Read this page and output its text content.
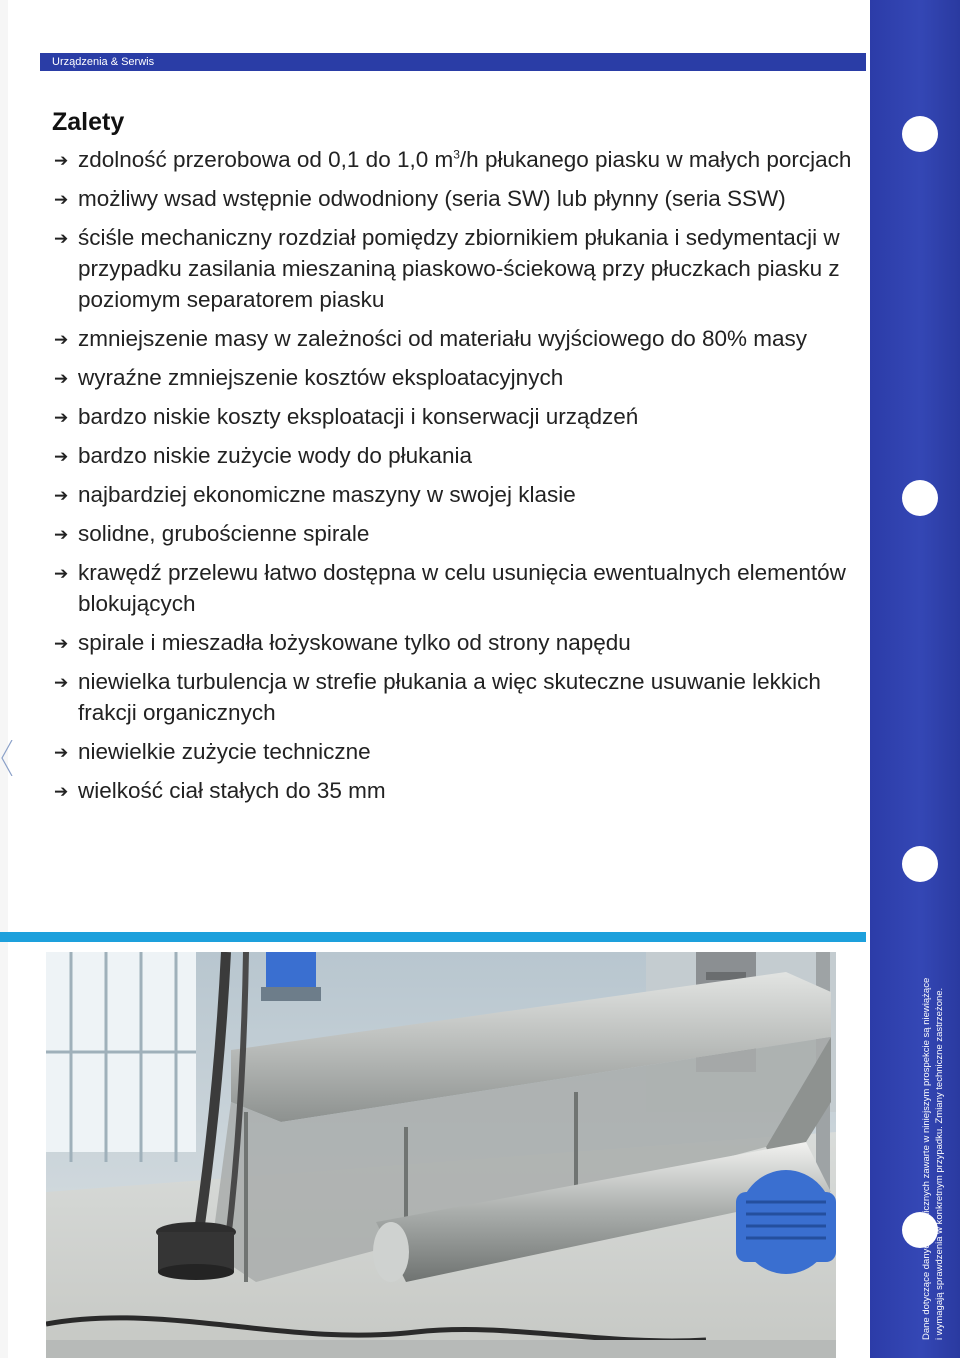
Urządzenia & Serwis
Zalety
➔ zdolność przerobowa od 0,1 do 1,0 $m^3/h$ płukanego piasku w małych porcjach
➔ możliwy wsad wstępnie odwodniony (seria SW) lub płynny (seria SSW)
➔ ściśle mechaniczny rozdział pomiędzy zbiornikiem płukania i sedymentacji w przypadku zasilania mieszaniną piaskowo-ściekową przy płuczkach piasku z poziomym separatorem piasku
➔ zmniejszenie masy w zależności od materiału wyjściowego do 80% masy
➔ wyraźne zmniejszenie kosztów eksploatacyjnych
➔ bardzo niskie koszty eksploatacji i konserwacji urządzeń
➔ bardzo niskie zużycie wody do płukania
➔ najbardziej ekonomiczne maszyny w swojej klasie
➔ solidne, grubościenne spirale
➔ krawędź przelewu łatwo dostępna w celu usunięcia ewentualnych elementów blokujących
➔ spirale i mieszadła łożyskowane tylko od strony napędu
➔ niewielka turbulencja w strefie płukania a więc skuteczne usuwanie lekkich frakcji organicznych
➔ niewielkie zużycie techniczne
➔ wielkość ciał stałych do 35 mm
Dane dotyczące danych technicznych zawarte w niniejszym prospekcie są niewiążące i wymagają sprawdzenia w konkretnym przypadku. Zmiany techniczne zastrzeżone.
